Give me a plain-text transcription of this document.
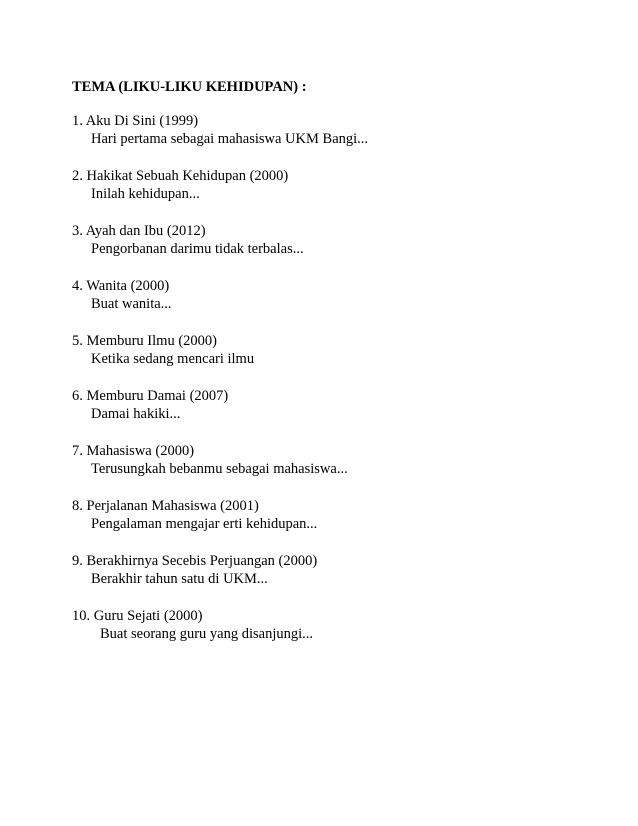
TEMA (LIKU-LIKU KEHIDUPAN) :
1. Aku Di Sini (1999)
Hari pertama sebagai mahasiswa UKM Bangi...
2. Hakikat Sebuah Kehidupan (2000)
Inilah kehidupan...
3. Ayah dan Ibu (2012)
Pengorbanan darimu tidak terbalas...
4. Wanita (2000)
Buat wanita...
5. Memburu Ilmu (2000)
Ketika sedang mencari ilmu
6. Memburu Damai (2007)
Damai hakiki...
7. Mahasiswa (2000)
Terusungkah bebanmu sebagai mahasiswa...
8. Perjalanan Mahasiswa (2001)
Pengalaman mengajar erti kehidupan...
9. Berakhirnya Secebis Perjuangan (2000)
Berakhir tahun satu di UKM...
10. Guru Sejati (2000)
Buat seorang guru yang disanjungi...
